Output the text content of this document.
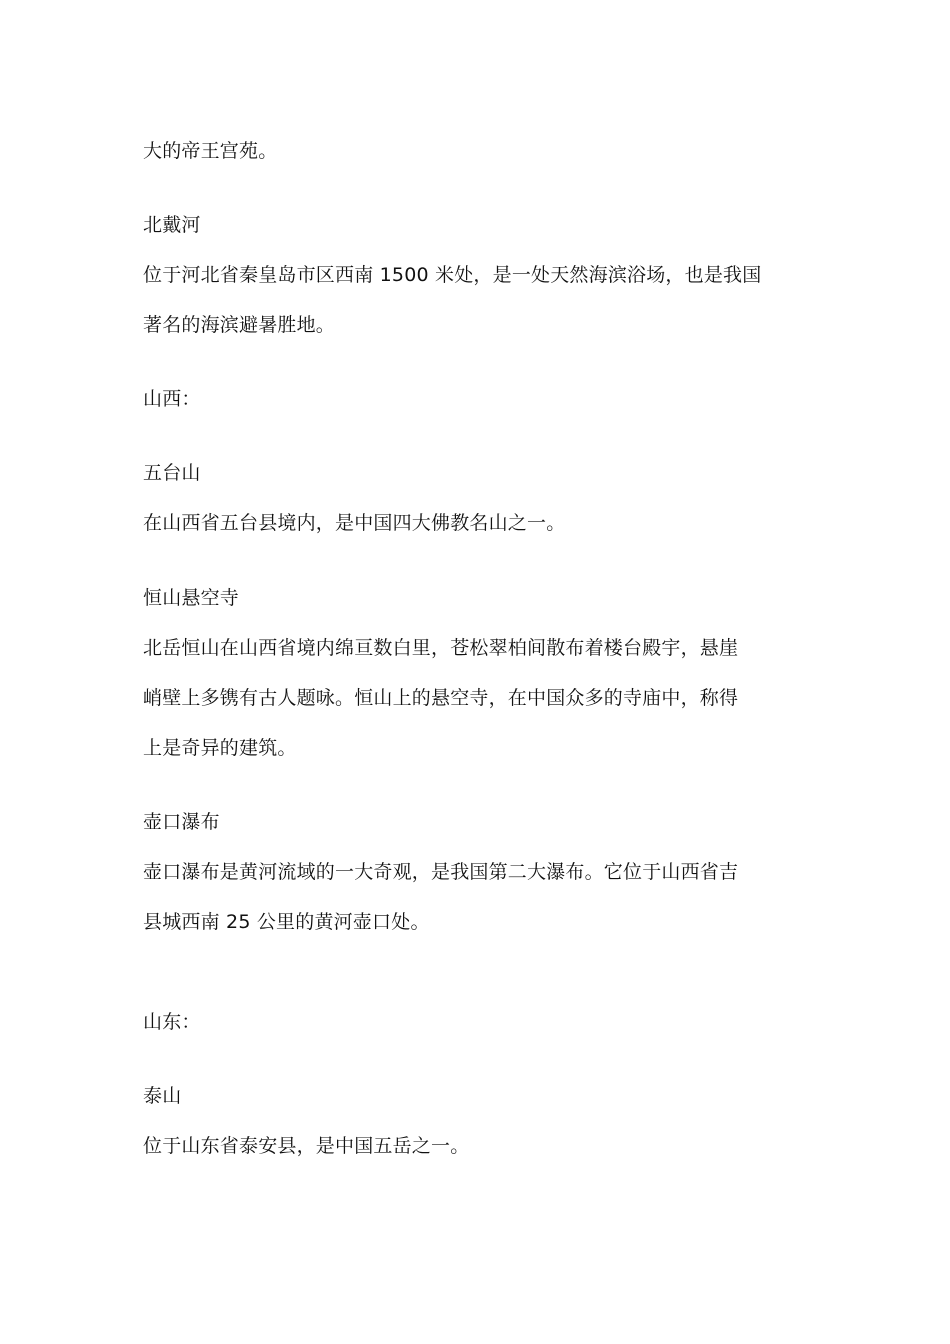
大的帝王宫苑。
北戴河
位于河北省秦皇岛市区西南 1500 米处，是一处天然海滨浴场，也是我国
著名的海滨避暑胜地。
山西：
五台山
在山西省五台县境内，是中国四大佛教名山之一。
恒山悬空寺
北岳恒山在山西省境内绵亘数白里，苍松翠柏间散布着楼台殿宇，悬崖
峭壁上多镌有古人题咏。恒山上的悬空寺，在中国众多的寺庙中，称得
上是奇异的建筑。
壶口瀑布
壶口瀑布是黄河流域的一大奇观，是我国第二大瀑布。它位于山西省吉
县城西南 25 公里的黄河壶口处。
山东：
泰山
位于山东省泰安县，是中国五岳之一。
